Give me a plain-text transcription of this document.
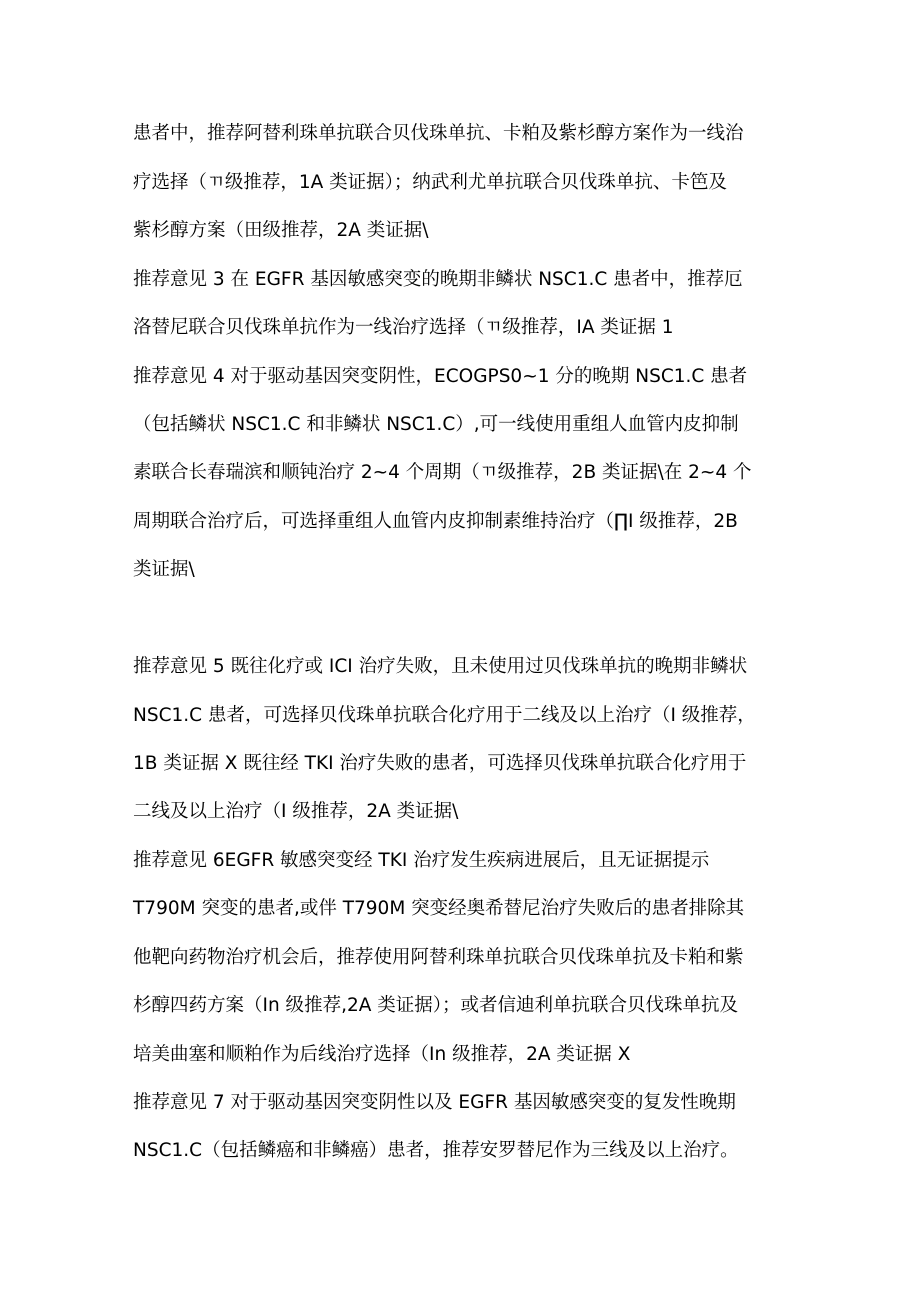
患者中，推荐阿替利珠单抗联合贝伐珠单抗、卡粕及紫杉醇方案作为一线治
疗选择（ㄲ级推荐，1A 类证据）；纳武利尤单抗联合贝伐珠单抗、卡笆及
紫杉醇方案（田级推荐，2A 类证据\
推荐意见 3 在 EGFR 基因敏感突变的晚期非鳞状 NSC1.C 患者中，推荐厄
洛替尼联合贝伐珠单抗作为一线治疗选择（ㄲ级推荐，IA 类证据 1
推荐意见 4 对于驱动基因突变阴性，ECOGPS0~1 分的晚期 NSC1.C 患者
（包括鳞状 NSC1.C 和非鳞状 NSC1.C）,可一线使用重组人血管内皮抑制
素联合长春瑞滨和顺钝治疗 2~4 个周期（ㄲ级推荐，2B 类证据\在 2~4 个
周期联合治疗后，可选择重组人血管内皮抑制素维持治疗（∏I 级推荐，2B
类证据\
推荐意见 5 既往化疗或 ICI 治疗失败，且未使用过贝伐珠单抗的晚期非鳞状
NSC1.C 患者，可选择贝伐珠单抗联合化疗用于二线及以上治疗（I 级推荐，
1B 类证据 X 既往经 TKI 治疗失败的患者，可选择贝伐珠单抗联合化疗用于
二线及以上治疗（I 级推荐，2A 类证据\
推荐意见 6EGFR 敏感突变经 TKI 治疗发生疾病进展后，且无证据提示
T790M 突变的患者,或伴 T790M 突变经奥希替尼治疗失败后的患者排除其
他靶向药物治疗机会后，推荐使用阿替利珠单抗联合贝伐珠单抗及卡粕和紫
杉醇四药方案（In 级推荐,2A 类证据）；或者信迪利单抗联合贝伐珠单抗及
培美曲塞和顺粕作为后线治疗选择（In 级推荐，2A 类证据 X
推荐意见 7 对于驱动基因突变阴性以及 EGFR 基因敏感突变的复发性晚期
NSC1.C（包括鳞癌和非鳞癌）患者，推荐安罗替尼作为三线及以上治疗。
